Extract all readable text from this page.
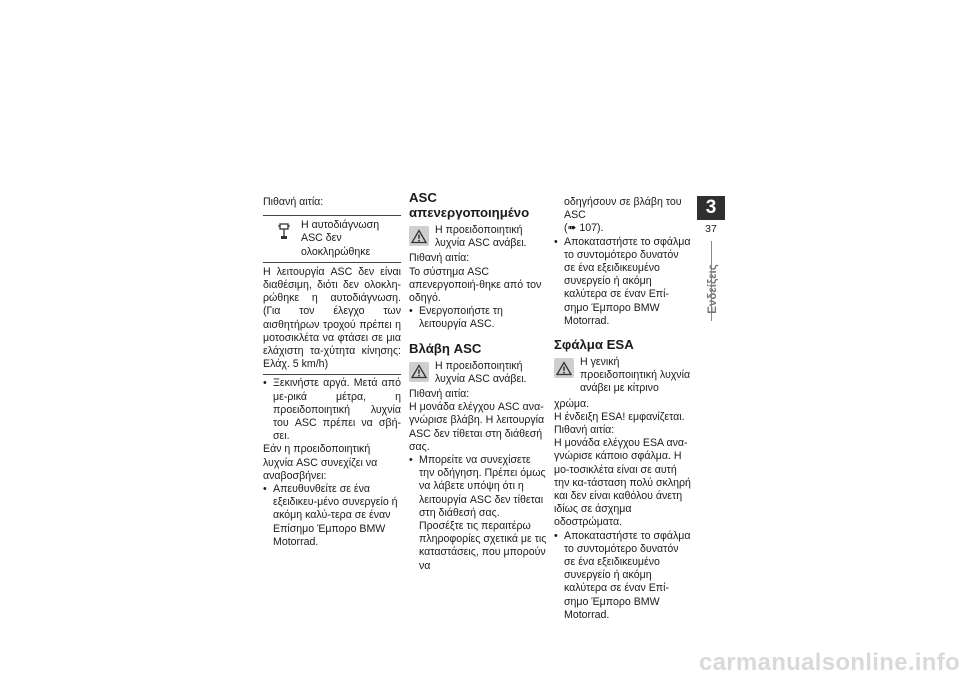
Πιθανή αιτία:

Η αυτοδιάγνωση ASC δεν ολοκληρώθηκε

Η λειτουργία ASC δεν είναι διαθέσιμη, διότι δεν ολοκλη-ρώθηκε η αυτοδιάγνωση. (Για τον έλεγχο των αισθητήρων τροχού πρέπει η μοτοσικλέτα να φτάσει σε μια ελάχιστη τα-χύτητα κίνησης: Ελάχ. 5 km/h)

• Ξεκινήστε αργά. Μετά από με-ρικά μέτρα, η προειδοποιητική λυχνία του ASC πρέπει να σβή-σει.

Εάν η προειδοποιητική λυχνία ASC συνεχίζει να αναβοσβήνει:

• Απευθυνθείτε σε ένα εξειδικευ-μένο συνεργείο ή ακόμη καλύ-τερα σε έναν Επίσημο Έμπορο BMW Motorrad.
ASC απενεργοποιημένο
Η προειδοποιητική λυχνία ASC ανάβει.

Πιθανή αιτία:

Το σύστημα ASC απενεργοποιή-θηκε από τον οδηγό.

• Ενεργοποιήστε τη λειτουργία ASC.
Βλάβη ASC
Η προειδοποιητική λυχνία ASC ανάβει.

Πιθανή αιτία:

Η μονάδα ελέγχου ASC ανα-γνώρισε βλάβη. Η λειτουργία ASC δεν τίθεται στη διάθεσή σας.

• Μπορείτε να συνεχίσετε την οδήγηση. Πρέπει όμως να λάβετε υπόψη ότι η λειτουργία ASC δεν τίθεται στη διάθεσή σας. Προσέξτε τις περαιτέρω πληροφορίες σχετικά με τις καταστάσεις, που μπορούν να

οδηγήσουν σε βλάβη του ASC

(➠ 107).

• Αποκαταστήστε το σφάλμα το συντομότερο δυνατόν σε ένα εξειδικευμένο συνεργείο ή ακόμη καλύτερα σε έναν Επί-σημο Έμπορο BMW Motorrad.
Σφάλμα ESA
Η γενική προειδοποιητική λυχνία ανάβει με κίτρινο

χρώμα.

Η ένδειξη ESA! εμφανίζεται.

Πιθανή αιτία:

Η μονάδα ελέγχου ESA ανα-γνώρισε κάποιο σφάλμα. Η μο-τοσικλέτα είναι σε αυτή την κα-τάσταση πολύ σκληρή και δεν είναι καθόλου άνετη ιδίως σε άσχημα οδοστρώματα.

• Αποκαταστήστε το σφάλμα το συντομότερο δυνατόν σε ένα εξειδικευμένο συνεργείο ή ακόμη καλύτερα σε έναν Επί-σημο Έμπορο BMW Motorrad.
3
37
Ενδείξεις
carmanualsonline.info
